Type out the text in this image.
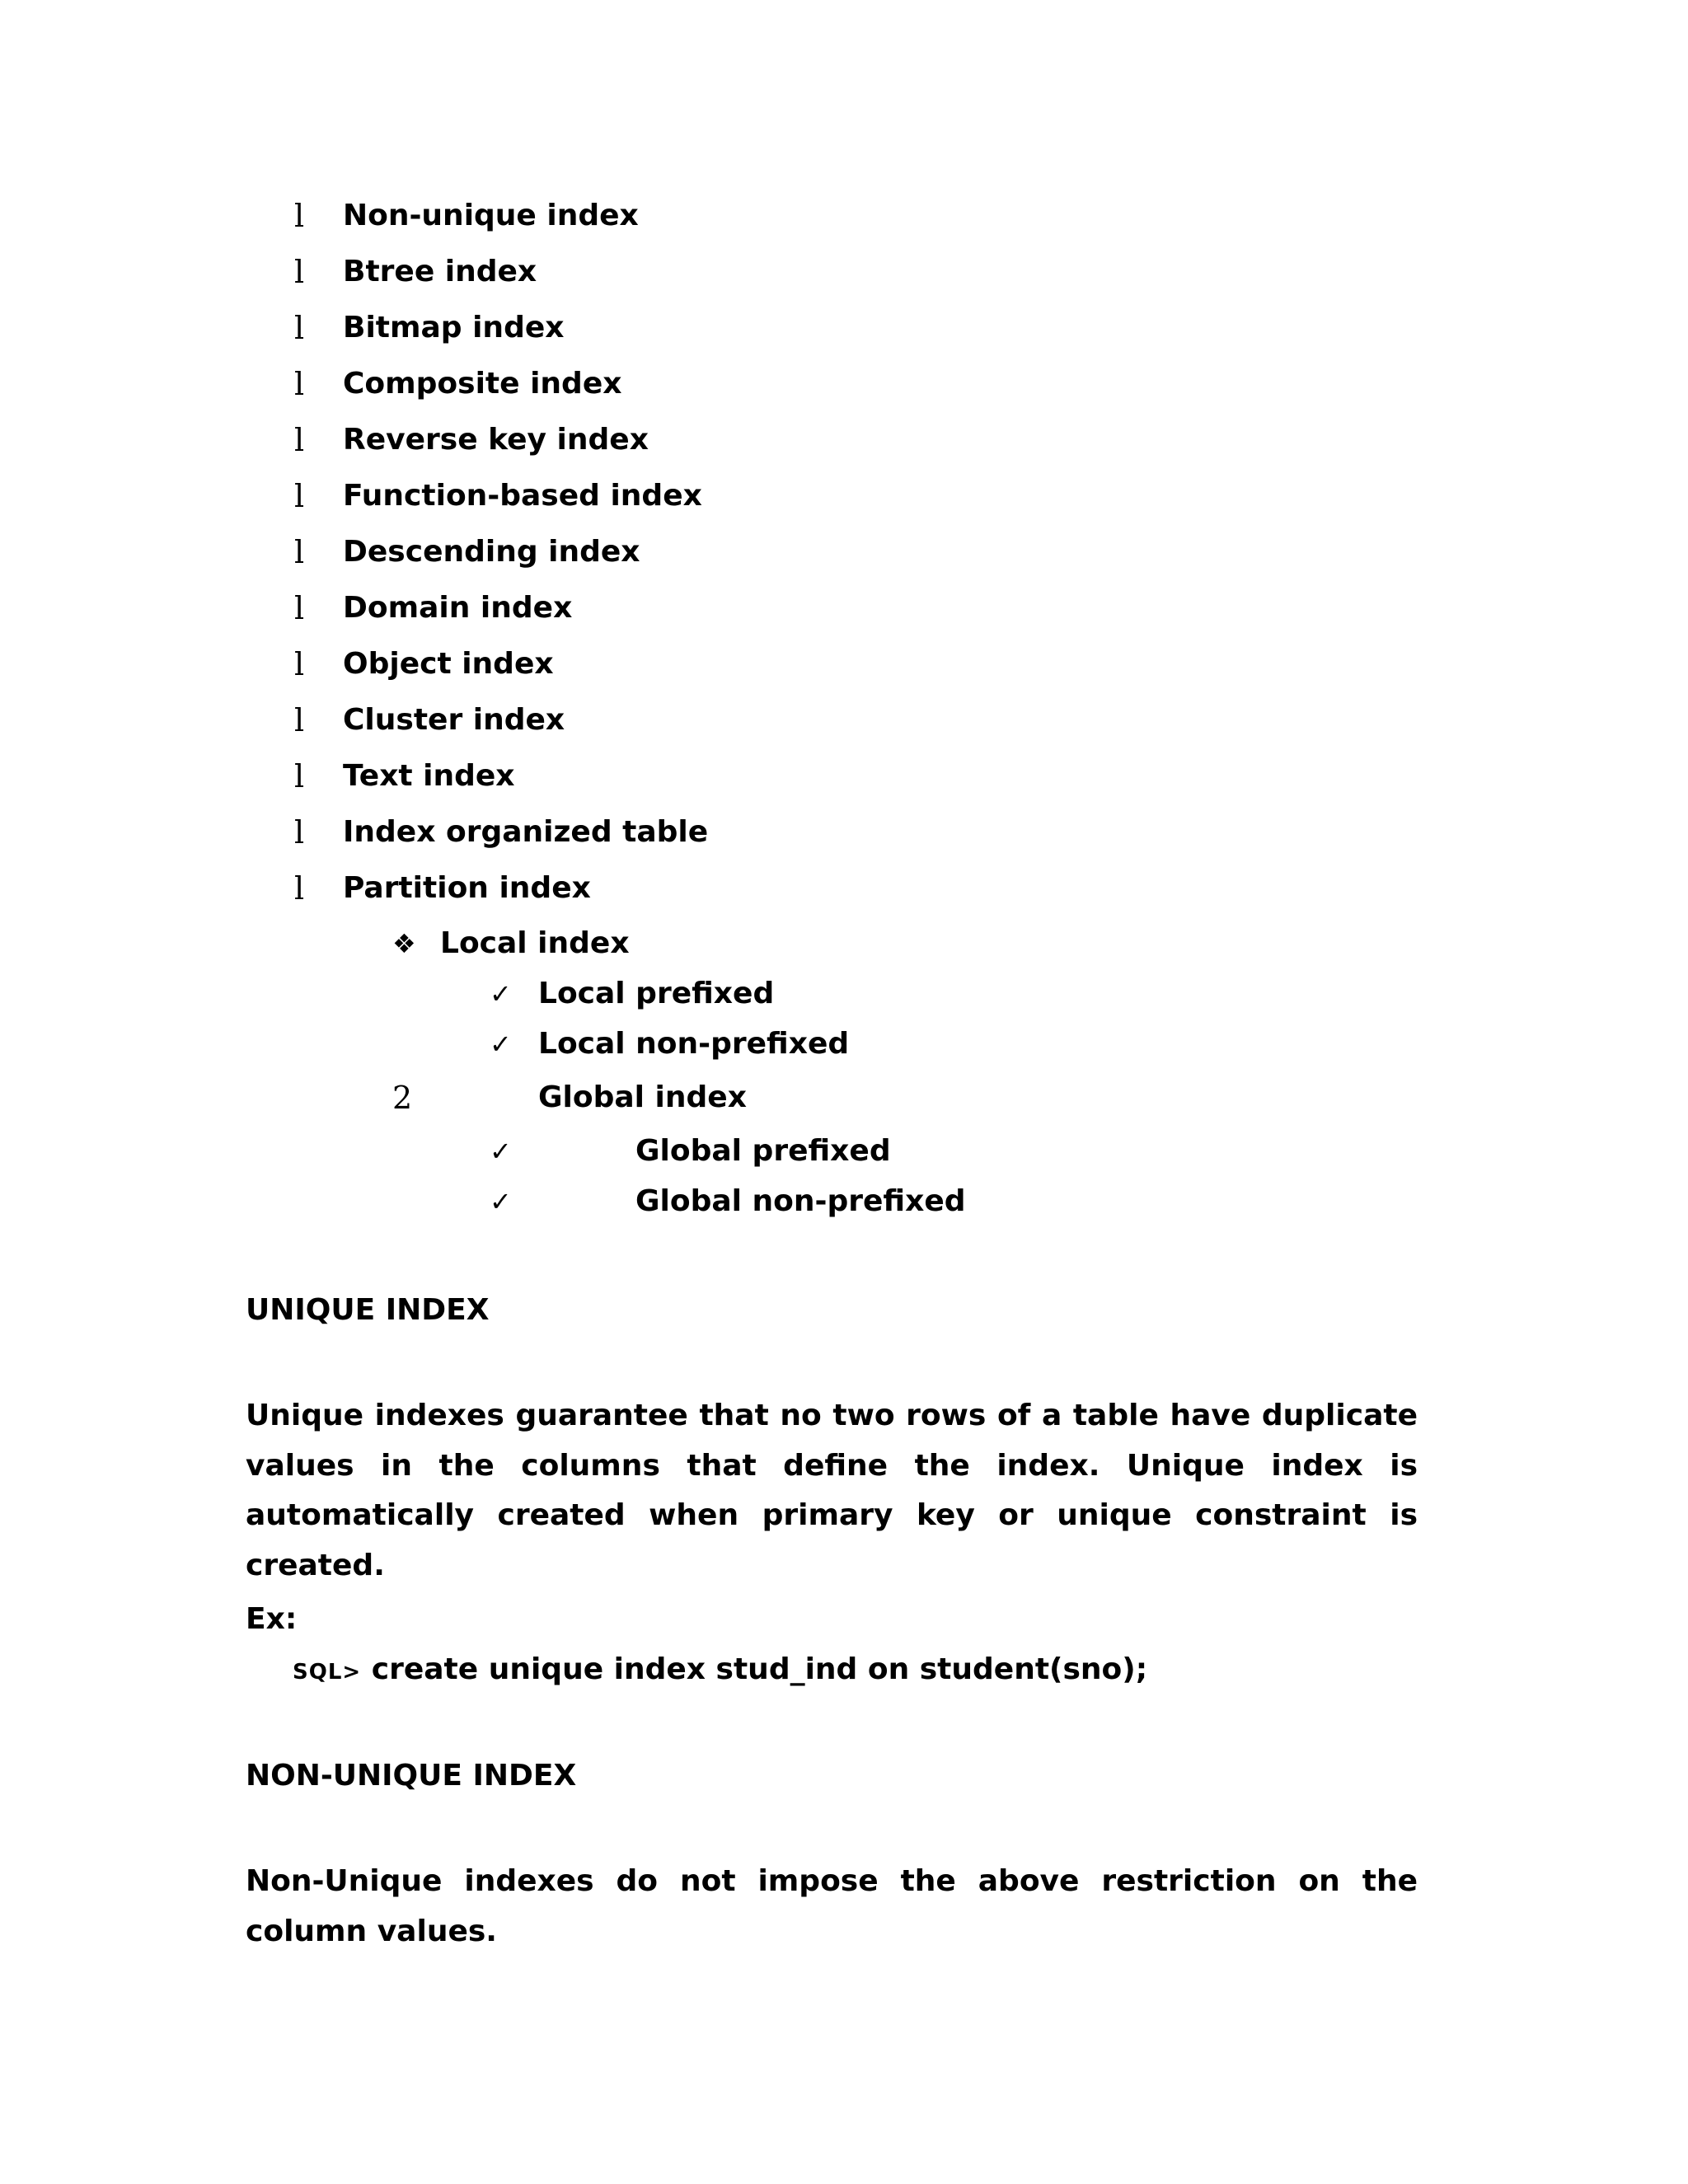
l Non-unique index
l Btree index
l Bitmap index
l Composite index
l Reverse key index
l Function-based index
l Descending index
l Domain index
l Object index
l Cluster index
l Text index
l Index organized table
l Partition index
❖ Local index
✓ Local prefixed
✓ Local non-prefixed
2	Global index
✓	Global prefixed
✓	Global non-prefixed
UNIQUE INDEX
Unique indexes guarantee that no two rows of a table have duplicate values in the columns that define the index. Unique index is automatically created when primary key or unique constraint is created.
Ex:
SQL> create unique index stud_ind on student(sno);
NON-UNIQUE INDEX
Non-Unique indexes do not impose the above restriction on the column values.
